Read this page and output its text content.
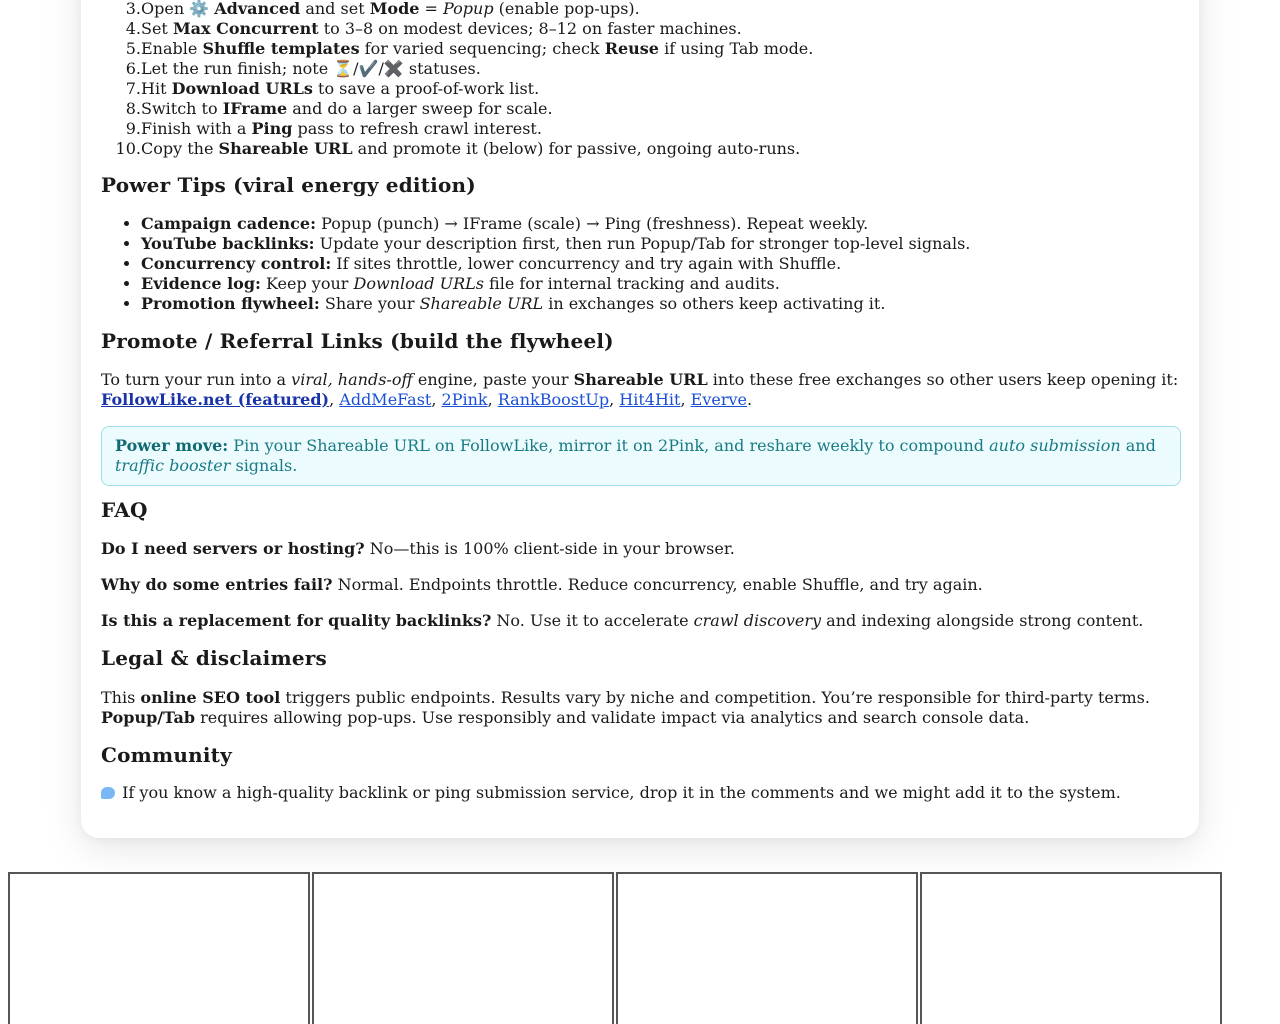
3. Open ⚙️ Advanced and set Mode = Popup (enable pop-ups).
4. Set Max Concurrent to 3–8 on modest devices; 8–12 on faster machines.
5. Enable Shuffle templates for varied sequencing; check Reuse if using Tab mode.
6. Let the run finish; note ⏳/✔️/✖️ statuses.
7. Hit Download URLs to save a proof-of-work list.
8. Switch to IFrame and do a larger sweep for scale.
9. Finish with a Ping pass to refresh crawl interest.
10. Copy the Shareable URL and promote it (below) for passive, ongoing auto-runs.
Power Tips (viral energy edition)
• Campaign cadence: Popup (punch) → IFrame (scale) → Ping (freshness). Repeat weekly.
• YouTube backlinks: Update your description first, then run Popup/Tab for stronger top-level signals.
• Concurrency control: If sites throttle, lower concurrency and try again with Shuffle.
• Evidence log: Keep your Download URLs file for internal tracking and audits.
• Promotion flywheel: Share your Shareable URL in exchanges so others keep activating it.
Promote / Referral Links (build the flywheel)

To turn your run into a viral, hands-off engine, paste your Shareable URL into these free exchanges so other users keep opening it:
FollowLike.net (featured), AddMeFast, 2Pink, RankBoostUp, Hit4Hit, Everve.

Power move: Pin your Shareable URL on FollowLike, mirror it on 2Pink, and reshare weekly to compound auto submission and
traffic booster signals.
FAQ

Do I need servers or hosting? No—this is 100% client-side in your browser.

Why do some entries fail? Normal. Endpoints throttle. Reduce concurrency, enable Shuffle, and try again.

Is this a replacement for quality backlinks? No. Use it to accelerate crawl discovery and indexing alongside strong content.

Legal & disclaimers

This online SEO tool triggers public endpoints. Results vary by niche and competition. You’re responsible for third-party terms.
Popup/Tab requires allowing pop-ups. Use responsibly and validate impact via analytics and search console data.

Community

If you know a high-quality backlink or ping submission service, drop it in the comments and we might add it to the system.
